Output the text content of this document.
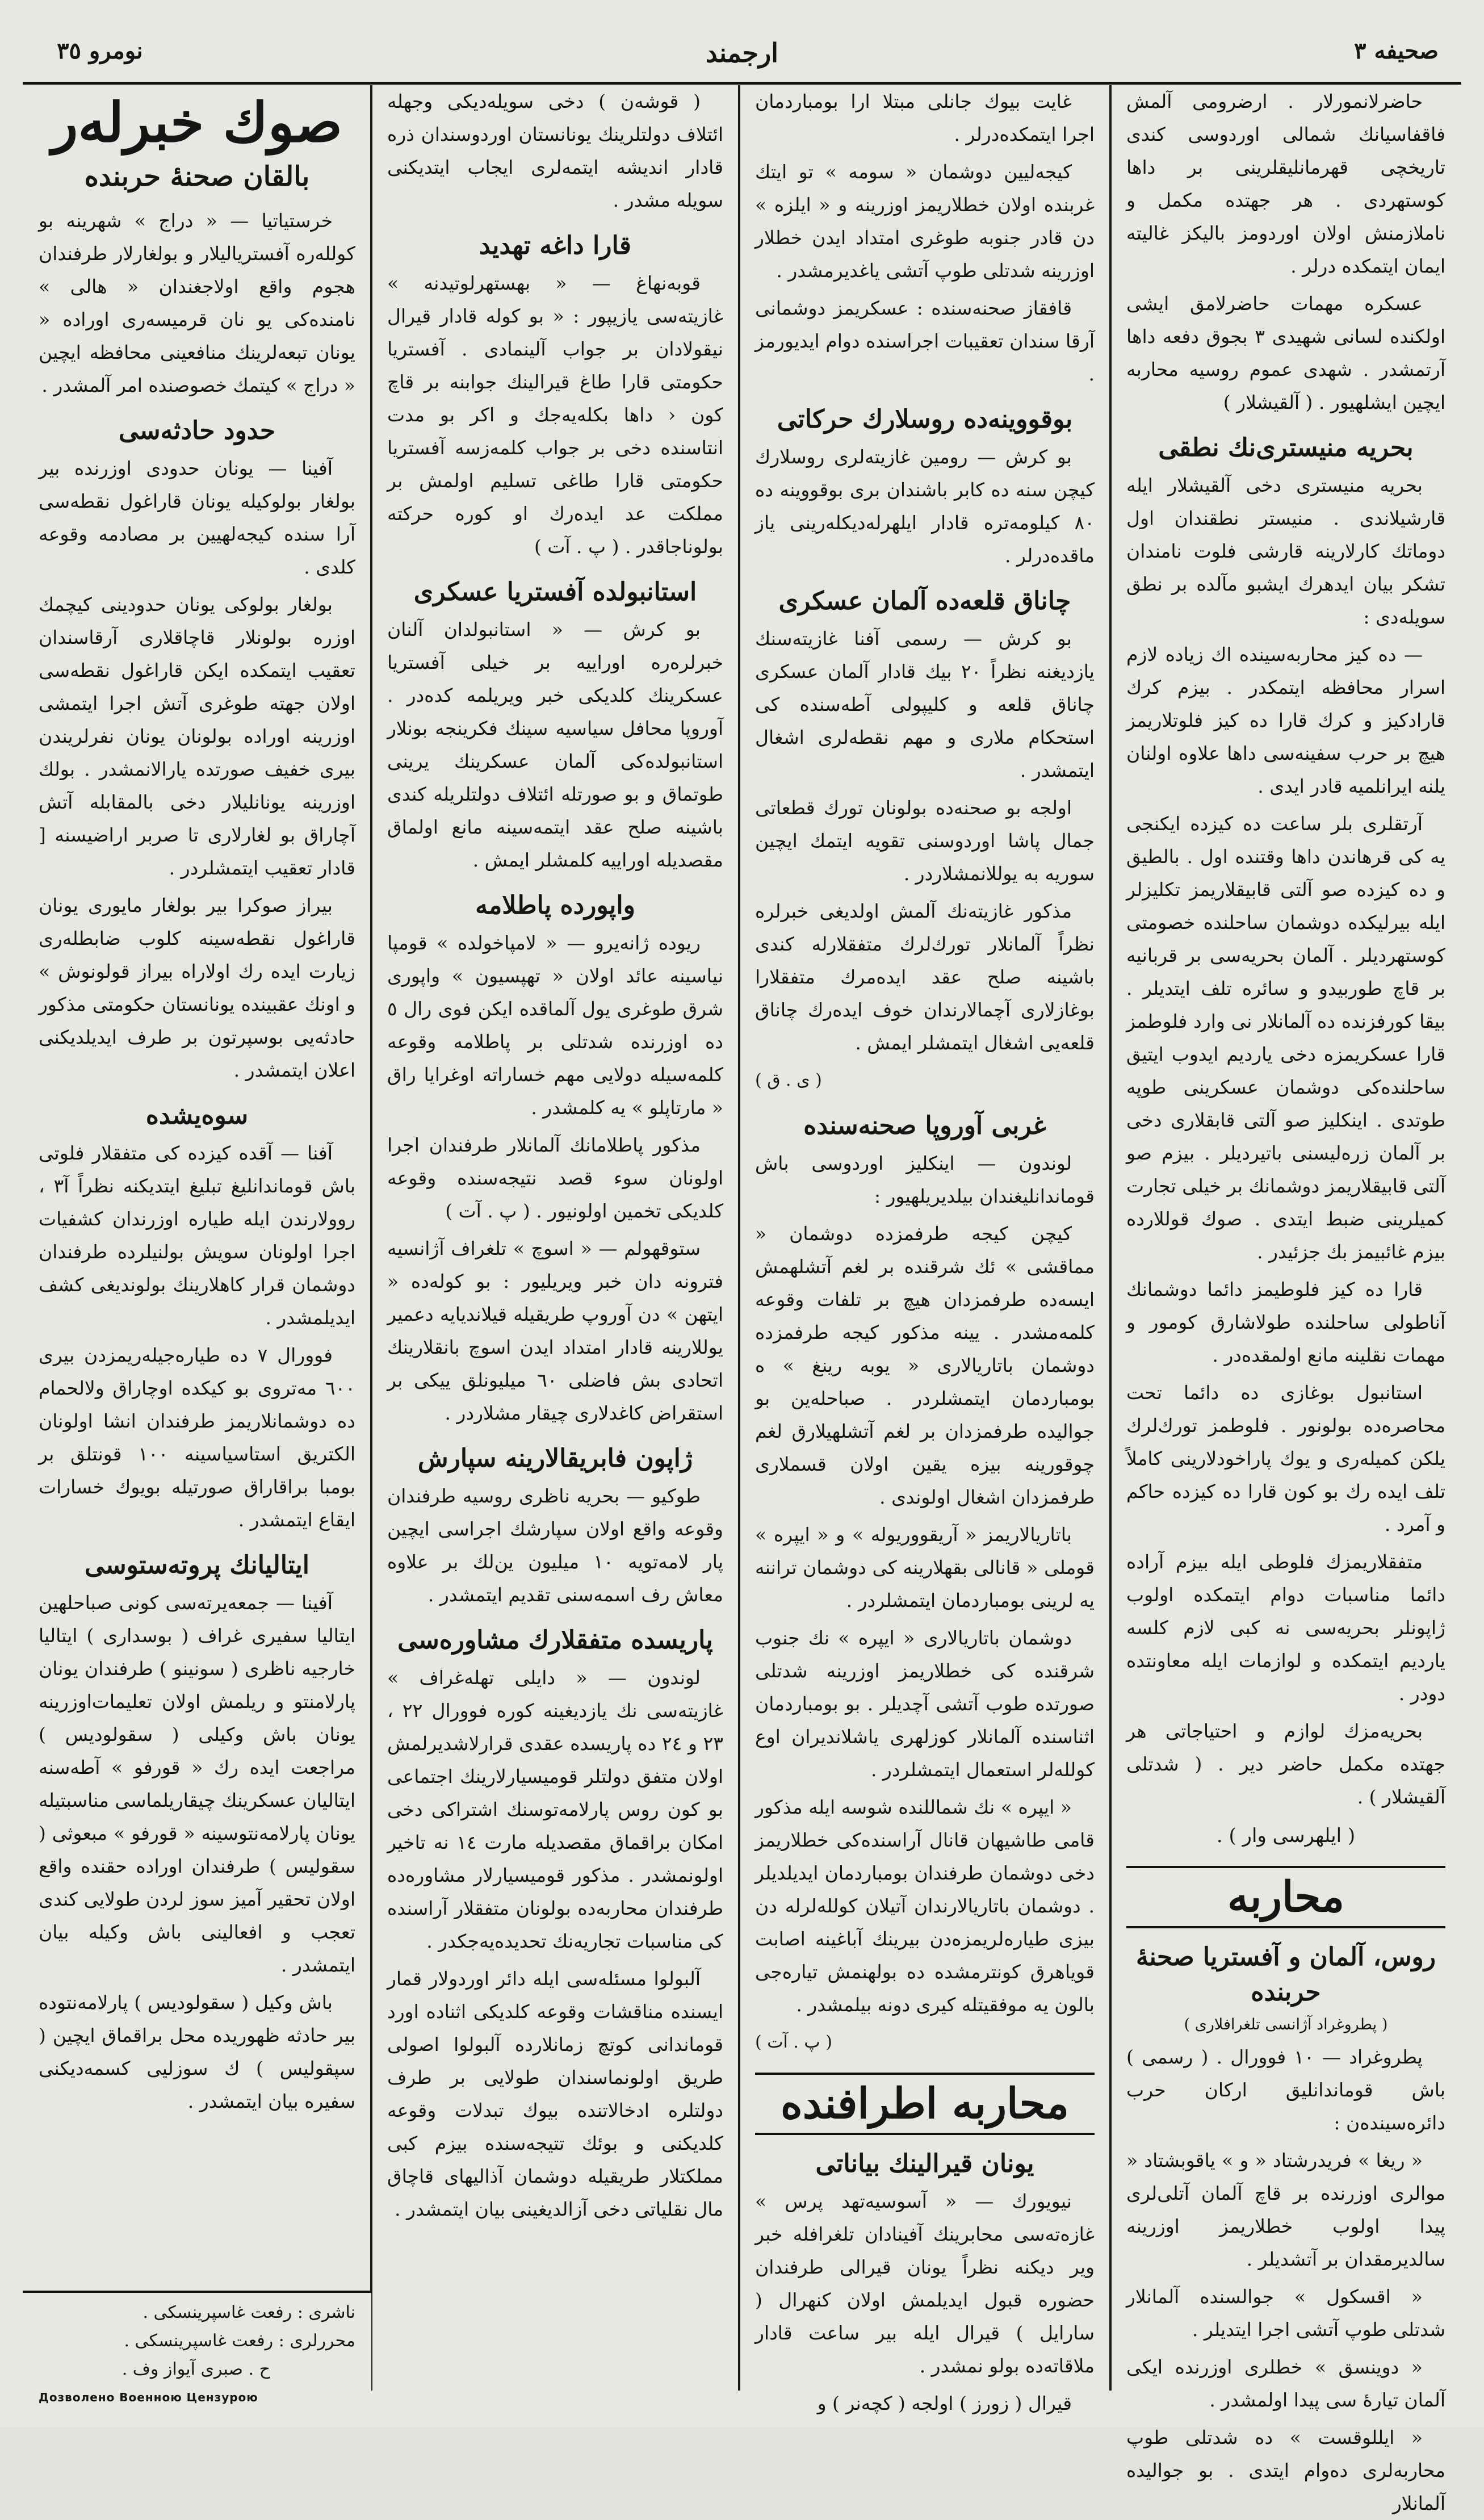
صحيفه ٣
ارجمند
نومرو ٣٥

حاضرلانمورلار . ارضرومی آلمش فاقفاسیانك شمالی اوردوسی کندی تاریخچی قهرمانلیقلرینی بر داها کوستهردی . هر جهتده مکمل و ناملازمنش اولان اوردومز بالیکز غالیته ایمان ایتمکده درلر .

عسکره مهمات حاضرلامق ایشی اولکنده لسانی شهیدی ٣ بجوق دفعه داها آرتمشدر . شهدی عموم روسیه محاربه ایچین ایشلهیور . ( آلقیشلار )

بحریه منیستری‌نك نطقی

بحریه منیستری دخی آلقیشلار ایله قارشیلاندی . منیستر نطقندان اول دوماتك کارلارینه قارشی فلوت نامندان تشکر بیان ایدهرك ایشبو مآلده بر نطق سویله‌دی :

— ده کیز محاربه‌سینده اك زیاده لازم اسرار محافظه ایتمکدر . بیزم کرك قارادكیز و کرك قارا ده کیز فلوتلاریمز هیچ بر حرب سفینه‌سی داها علاوه اولنان یلنه ایرانلمیه قادر ایدی .

آرتقلری بلر ساعت ده کیزده ایکنجی یه کی قرهاندن داها وقتنده اول . بالطیق و ده کیزده صو آلتی قابیقلاریمز تکلیزلر ایله بیرلیکده دوشمان ساحلنده خصومتی کوستهردیلر . آلمان بحریه‌سی بر قربانیه بر قاچ طوربیدو و سائره تلف ایتدیلر . بیقا کورفزنده ده آلمانلار نی وارد فلوطمز قارا عسکریمزه دخی یاردیم ایدوب ایتیق ساحلنده‌کی دوشمان عسکرینی طوپه طوتدی . اینکلیز صو آلتی قابقلاری دخی بر آلمان زره‌لیسنی باتیردیلر . بیزم صو آلتی قابیقلاریمز دوشمانك بر خیلی تجارت کمیلرینی ضبط ایتدی . صوك قوللارده بیزم غائبیمز بك جزئیدر .

قارا ده کیز فلوطیمز دائما دوشمانك آناطولی ساحلنده طولاشارق کومور و مهمات نقلینه مانع اولمقده‌در .

استانبول بوغازی ده دائما تحت محاصره‌ده بولونور . فلوطمز تورك‌لرك یلکن کمیله‌ری و یوك پاراخودلارینی کاملاً تلف ایده رك بو کون قارا ده کیزده حاکم و آمرد .

متفقلاریمزك فلوطی ایله بیزم آراده دائما مناسبات دوام ایتمکده اولوب ژاپونلر بحریه‌سی نه کبی لازم کلسه یاردیم ایتمکده و لوازمات ایله معاونتده دودر .

بحریه‌مزك لوازم و احتیاجاتی هر جهتده مکمل حاضر دیر . ( شدتلی آلقیشلار ) .

( ایلهرسی وار ) .
محاربه
روس، آلمان و آفستریا صحنهٔ حربنده
( پطروغراد آژانسی تلغرافلاری )

پطروغراد — ١٠ فوورال . ( رسمی ) باش قوماندانلیق ارکان حرب دائره‌سینده‌ن :

« ریغا » فریدرشتاد « و » یاقوبشتاد « موالری اوزرنده بر قاچ آلمان آتلی‌لری پیدا اولوب خطلاریمز اوزرینه سالدیرمقدان بر آتشدیلر .

« اقسکول » جوالسنده آلمانلار شدتلی طوپ آتشی اجرا ایتدیلر .

« دوینسق » خطلری اوزرنده ایکی آلمان تیارهٔ سی پیدا اولمشدر .

« ایللوقست » ده شدتلی طوپ محاربه‌لری ده‌وام ایتدی . بو جوالیده آلمانلار

غایت بیوك جانلی مبتلا ارا بومباردمان اجرا ایتمکده‌درلر .

کیجه‌لیین دوشمان « سومه » تو ایتك غربنده اولان خطلاریمز اوزرینه و « ایلزه » دن قادر جنوبه طوغری امتداد ایدن خطلار اوزرینه شدتلی طوپ آتشی یاغدیرمشدر .

قافقاز صحنه‌سنده : عسکریمز دوشمانی آرقا سندان تعقیبات اجراسنده دوام ایدیورمز .

بوقووینه‌ده روسلارك حرکاتی

بو کرش — رومین غازیته‌لری روسلارك کیچن سنه ده کابر باشندان بری بوقووینه ده ٨٠ کیلومه‌تره قادار ایلهرله‌دیکله‌رینی یاز ماقده‌درلر .

چاناق قلعه‌ده آلمان عسکری

بو کرش — رسمی آفنا غازیته‌سنك یازدیغنه نظراً ٢٠ بیك قادار آلمان عسکری چاناق قلعه و کلیپولی آطه‌سنده كی استحکام ملاری و مهم نقطه‌لری اشغال ایتمشدر .

اولجه بو صحنه‌ده بولونان تورك قطعاتی جمال پاشا اوردوسنی تقویه ایتمك ایچین سوریه به یوللانمشلاردر .

مذکور غازیته‌نك آلمش اولدیغی خبرلره نظراً آلمانلار تورك‌لرك متفقلارله کندی باشینه صلح عقد ایده‌مرك متفقلارا بوغازلاری آچمالارندان خوف ایده‌رك چاناق قلعه‌یی اشغال ایتمشلر ایمش .

( ی . ق )
غربی آوروپا صحنه‌سنده

لوندون — اینکلیز اوردوسی باش قوماندانلیغندان بیلدیریلهیور :

کیچن کیجه طرفمزده دوشمان « مماقشی » ئك شرقنده بر لغم آتشلهمش ایسه‌ده طرفمزدان هیچ بر تلفات وقوعه کلمه‌مشدر . یینه مذکور کیجه طرفمزده دوشمان باتاریالاری « یوبه رینغ » ه بومباردمان ایتمشلردر . صباحله‌ین بو جوالیده طرفمزدان بر لغم آتشلهیلارق لغم چوقورینه بیزه یقین اولان قسملاری طرفمزدان اشغال اولوندی .

باتاریالاریمز « آریقووریوله » و « ایپره » قوملی « قانالی بقهلارینه کی دوشمان تراننه یه لرینی بومباردمان ایتمشلردر .

دوشمان باتاریالاری « ایپره » نك جنوب شرقنده کی خطلاریمز اوزرینه شدتلی صورتده طوب آتشی آچدیلر . بو بومباردمان اثناسنده آلمانلار کوزلهری یاشلاندیران اوع کولله‌لر استعمال ایتمشلردر .

« ایپره » نك شماللنده شوسه ایله مذکور قامی طاشیهان قانال آراسنده‌کی خطلاریمز دخی دوشمان طرفندان بومباردمان ایدیلدیلر . دوشمان باتاریالارندان آتیلان کولله‌لرله دن بیزی طیاره‌لریمزه‌دن بیرینك آباغینه اصابت قویاهرق کونترمشده ده بولهنمش تیاره‌جی بالون یه موفقیتله کیری دونه بیلمشدر .

( پ . آت )
محاربه اطرافنده
یونان قیرالینك بیاناتی

نیویورك — « آسوسیه‌تهد پرس » غازه‌ته‌سی محابرینك آفینادان تلغرافله خبر ویر دیکنه نظراً یونان قیرالی طرفندان حضوره قبول ایدیلمش اولان کنهرال ( سارایل ) قیرال ایله بیر ساعت قادار ملاقاته‌ده بولو نمشدر .

قیرال ( زورز ) اولجه ( کچه‌نر ) و

( قوشه‌ن ) دخی سویله‌دیکی وجهله ائتلاف دولتلرینك یونانستان اوردوسندان ذره قادار اندیشه ایتمه‌لری ایجاب ایتدیکنی سویله مشدر .

قارا داغه تهدید

قوبه‌نهاغ — « بهستهرلوتیدنه » غازیته‌سی یازیپور : « بو کوله قادار قیرال نیقولادان بر جواب آلینمادی . آفستریا حکومتی قارا طاغ قیرالینك جوابنه بر قاچ کون ‹ داها بکله‌یه‌جك و اکر بو مدت انتاسنده دخی بر جواب کلمه‌زسه آفستریا حکومتی قارا طاغی تسلیم اولمش بر مملکت عد ایده‌رك او کوره حرکته بولوناجاقدر . ( پ . آت )

استانبولده آفستریا عسکری

بو کرش — « استانبولدان آلنان خبرلره‌ره اوراییه بر خیلی آفستریا عسکرینك کلدیکی خبر ویریلمه کده‌در . آوروپا محافل سیاسیه سینك فکرینجه بونلار استانبولده‌کی آلمان عسکرینك یرینی طوتماق و بو صورتله ائتلاف دولتلریله کندی باشینه صلح عقد ایتمه‌سینه مانع اولماق مقصدیله اوراییه کلمشلر ایمش .

واپورده پاطلامه

ریوده ژانه‌یرو — « لامپاخولده » قومپا نیاسینه عائد اولان « تهپسیون » واپوری شرق طوغری یول آلماقده ایکن فوی رال ٥ ده اوزرنده شدتلی بر پاطلامه وقوعه کلمه‌سیله دولایی مهم خساراته اوغرایا راق « مارتاپلو » یه کلمشدر .

مذکور پاطلامانك آلمانلار طرفندان اجرا اولونان سوء قصد نتیجه‌سنده وقوعه کلدیکی تخمین اولونیور . ( پ . آت )

ستوقهولم — « اسوچ » تلغراف آژانسیه فترونه دان خبر ویریلیور : بو کوله‌ده « ایتهن » دن آوروپ طریقیله قیلاندیایه دعمیر یوللارینه قادار امتداد ایدن اسوچ بانقلارینك اتحادی بش فاضلی ٦٠ میلیونلق ییکی بر استقراض کاغدلاری چیقار مشلاردر .

ژاپون فابریقالارینه سپارش

طوکیو — بحریه ناظری روسیه طرفندان وقوعه واقع اولان سپارشك اجراسی ایچین پار لامه‌تویه ١٠ میلیون ین‌لك بر علاوه معاش رف اسمه‌سنی تقدیم ایتمشدر .

پاریسده متفقلارك مشاوره‌سی

لوندون — « دایلی تهله‌غراف » غازیته‌سی نك یازدیغینه کوره فوورال ٢٢ ، ٢٣ و ٢٤ ده پاریسده عقدی قرارلاشدیرلمش اولان متفق دولتلر قومیسیارلارینك اجتماعی بو کون روس پارلامه‌توسنك اشتراکی دخی امکان براقماق مقصدیله مارت ١٤ نه تاخیر اولونمشدر . مذکور قومیسیارلار مشاوره‌ده طرفندان محاربه‌ده بولونان متفقلار آراسنده کی مناسبات تجاریه‌نك تحدیده‌یه‌جکدر .

آلبولوا مسئله‌سی ایله دائر اوردولار قمار ایسنده مناقشات وقوعه کلدیکی اثناده اورد قوماندانی کوتچ زمانلارده آلبولوا اصولی طریق اولونماسندان طولایی بر طرف دولتلره ادخالاتنده بیوك تبدلات وقوعه کلدیکنی و بوئك تتیجه‌سنده بیزم کبی مملکتلار طریقیله دوشمان آذالیهای قاچاق مال نقلیاتی دخی آزالدیغینی بیان ایتمشدر .

صوك خبرله‌ر
بالقان صحنهٔ حربنده

خرستیاتیا — « دراج » شهرینه بو کولله‌ره آفستریالیلار و بولغارلار طرفندان هجوم واقع اولاجغندان « هالی » نامنده‌کی یو نان قرمیسه‌ری اوراده « یونان تبعه‌لرینك منافعینی محافظه ایچین « دراج » کیتمك خصوصنده امر آلمشدر .

حدود حادثه‌سی

آفینا — یونان حدودی اوزرنده بیر بولغار بولوكیله یونان قاراغول نقطه‌سی آرا سنده کیجه‌لهیین بر مصادمه وقوعه کلدی .

بولغار بولوکی یونان حدودینی کیچمك اوزره بولونلار قاچاقلاری آرقاسندان تعقیب ایتمکده ایکن قاراغول نقطه‌سی اولان جهته طوغری آتش اجرا ایتمشی اوزرینه اوراده بولونان یونان نفرلریندن بیری خفیف صورتده یارالانمشدر . بولك اوزرینه یونانلیلار دخی بالمقابله آتش آچاراق بو لغارلاری تا صربر اراضیسنه [ قادار تعقیب ایتمشلردر .

بیراز صوکرا بیر بولغار مایوری یونان قاراغول نقطه‌سینه کلوب ضابطله‌ری زیارت ایده رك اولاراه بیراز قولونوش » و اونك عقبینده یونانستان حکومتی مذکور حادثه‌یی بوسپرتون بر طرف ایدیلدیکنی اعلان ایتمشدر .

سوه‌یشده

آفنا — آقده کیزده کی متفقلار فلوتی باش قوماندانلیغ تبلیغ ایتدیکنه نظراً آ٣ ، روولارندن ایله طیاره اوزرندان کشفیات اجرا اولونان سویش بولنیلرده طرفندان دوشمان قرار کاهلارینك بولوندیغی کشف ایدیلمشدر .

فوورال ٧ ده طیاره‌جیله‌ریمزدن بیری ٦٠٠ مه‌تروی بو کیکده اوچاراق ولالحمام ده دوشمانلاریمز طرفندان انشا اولونان الکتریق استاسیاسینه ١٠٠ قونتلق بر بومبا براقاراق صورتیله بویوك خسارات ایقاع ایتمشدر .

ایتالیانك پروته‌ستوسی

آفینا — جمعه‌یرته‌سی کونی صباحلهین ایتالیا سفیری غراف ( بوسداری ) ایتالیا خارجیه ناظری ( سونینو ) طرفندان یونان پارلامنتو و ریلمش اولان تعلیمات‌اوزرینه یونان باش وکیلی ( سقولودیس ) مراجعت ایده رك « قورفو » آطه‌سنه ایتالیان عسکرینك چیقاریلماسی مناسبتیله یونان پارلامه‌نتوسینه « قورفو » مبعوثی ( سقولیس ) طرفندان اوراده حقنده واقع اولان تحقیر آمیز سوز لردن طولایی کندی تعجب و افعالینی باش وکیله بیان ایتمشدر .

باش وکیل ( سقولودیس ) پارلامه‌نتوده بیر حادثه ظهوریده محل براقماق ایچین ( سپقولیس ) ك سوزلیی کسمه‌دیکنی سفیره بیان ایتمشدر .

ناشری : رفعت غاسپرینسکی .
محررلری : رفعت غاسپرینسکی .
ح . صبری آیواز وف .
Дозволено Военною Цензурою
